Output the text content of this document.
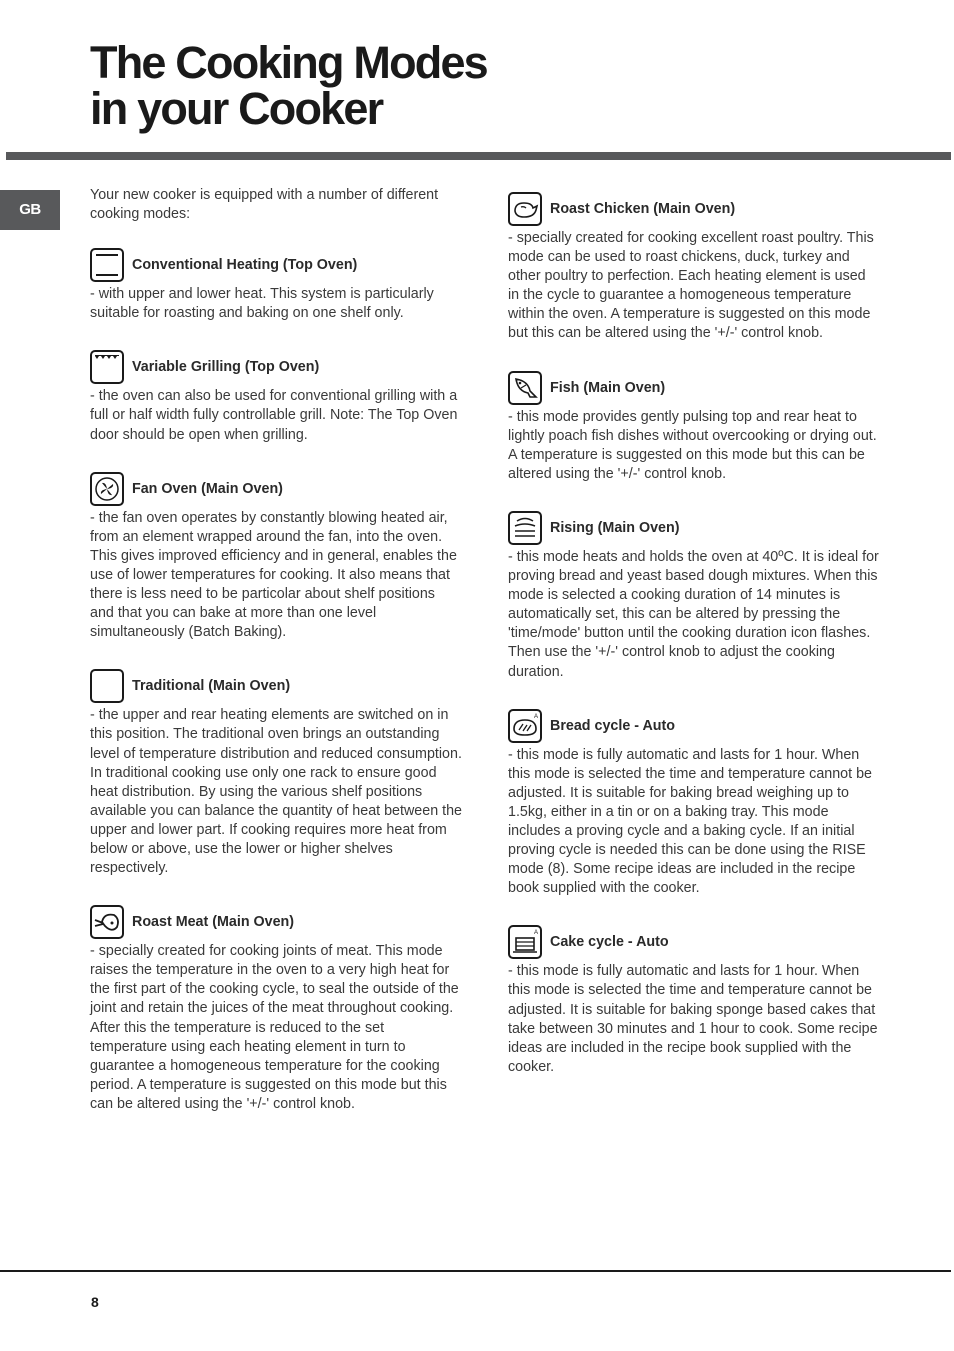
The Cooking Modes
in your Cooker
GB

Your new cooker is equipped with a number of different cooking modes:

Conventional Heating (Top Oven)

- with upper and lower heat. This system is particularly suitable for roasting and baking on one shelf only.

Variable Grilling (Top Oven)

- the oven can also be used for conventional grilling with a full or half width fully controllable grill. Note: The Top Oven door should be open when grilling.

Fan Oven (Main Oven)

- the fan oven operates by constantly blowing heated air, from an element wrapped around the fan, into the oven. This gives improved efficiency and in general, enables the use of lower temperatures for cooking. It also means that there is less need to be particolar about shelf positions and that you can bake at more than one level simultaneously (Batch Baking).

Traditional (Main Oven)

- the upper and rear heating elements are switched on in this position. The traditional oven brings an outstanding level of temperature distribution and reduced consumption. In traditional cooking use only one rack to ensure good heat distribution. By using the various shelf positions available you can balance the quantity of heat between the upper and lower part. If cooking requires more heat from below or above, use the lower or higher shelves respectively.

Roast Meat (Main Oven)

- specially created for cooking joints of meat. This mode raises the temperature in the oven to a very high heat for the first part of the cooking cycle, to seal the outside of the joint and retain the juices of the meat throughout cooking. After this the temperature is reduced to the set temperature using each heating element in turn to guarantee a homogeneous temperature for the cooking period. A temperature is suggested on this mode but this can be altered using the '+/-' control knob.

Roast Chicken (Main Oven)

- specially created for cooking excellent roast poultry. This mode can be used to roast chickens, duck, turkey and other poultry to perfection. Each heating element is used in the cycle to guarantee a homogeneous temperature within the oven. A temperature is suggested on this mode but this can be altered using the '+/-' control knob.

Fish (Main Oven)

- this mode provides gently pulsing top and rear heat to lightly poach fish dishes without overcooking or drying out. A temperature is suggested on this mode but this can be altered using the '+/-' control knob.

Rising (Main Oven)

- this mode heats and holds the oven at 40ºC. It is ideal for proving bread and yeast based dough mixtures. When this mode is selected a cooking duration of 14 minutes is automatically set, this can be altered by pressing the 'time/mode' button until the cooking duration icon flashes. Then use the '+/-' control knob to adjust the cooking duration.

A
Bread cycle - Auto

- this mode is fully automatic and lasts for 1 hour. When this mode is selected the time and temperature cannot be adjusted. It is suitable for baking bread weighing up to 1.5kg, either in a tin or on a baking tray. This mode includes a proving cycle and a baking cycle. If an initial proving cycle is needed this can be done using the RISE mode (8). Some recipe ideas are included in the recipe book supplied with the cooker.

A
Cake cycle - Auto

- this mode is fully automatic and lasts for 1 hour. When this mode is selected the time and temperature cannot be adjusted. It is suitable for baking sponge based cakes that take between 30 minutes and 1 hour to cook. Some recipe ideas are included in the recipe book supplied with the cooker.

8
